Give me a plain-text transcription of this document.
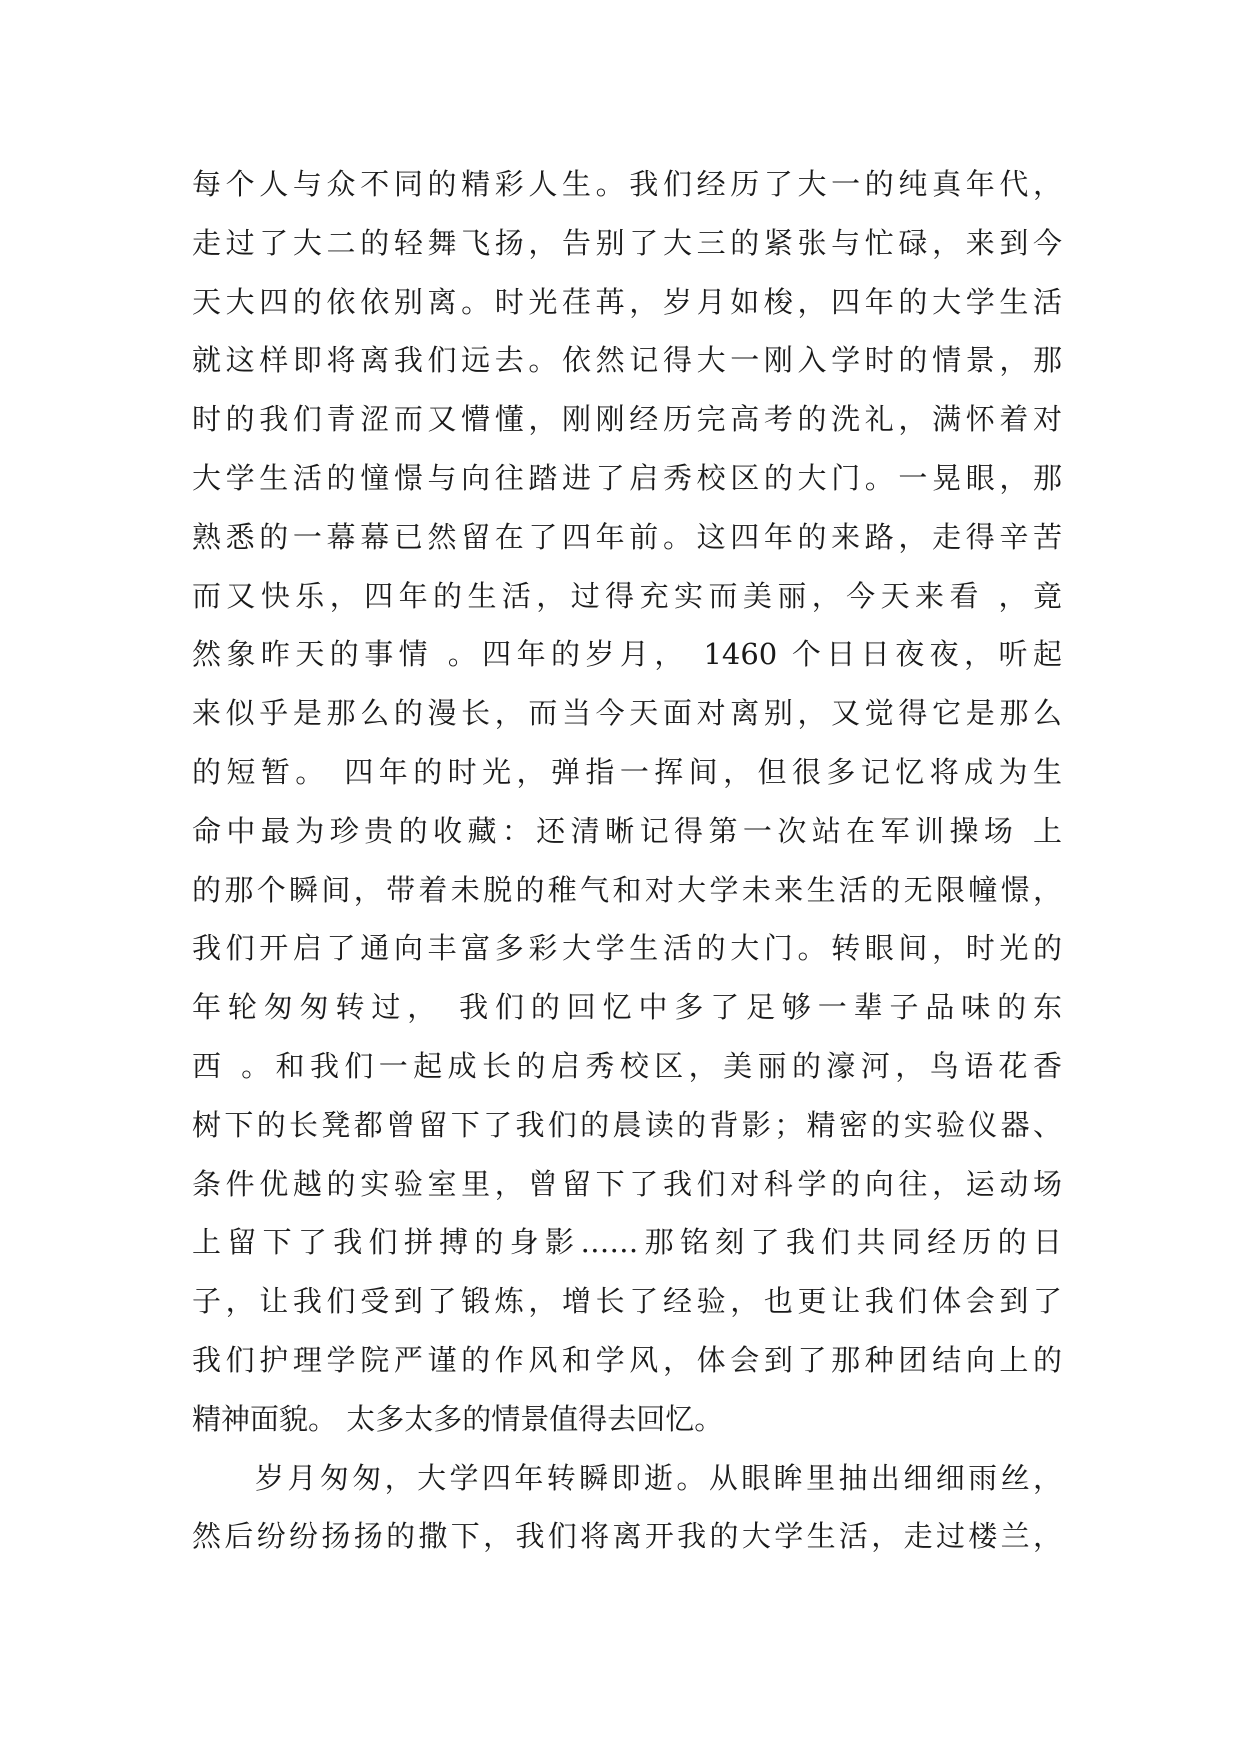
每个人与众不同的精彩人生。我们经历了大一的纯真年代，
走过了大二的轻舞飞扬，告别了大三的紧张与忙碌，来到今
天大四的依依别离。时光荏苒，岁月如梭，四年的大学生活
就这样即将离我们远去。依然记得大一刚入学时的情景，那
时的我们青涩而又懵懂，刚刚经历完高考的洗礼，满怀着对
大学生活的憧憬与向往踏进了启秀校区的大门。一晃眼，那
熟悉的一幕幕已然留在了四年前。这四年的来路，走得辛苦
而又快乐，四年的生活，过得充实而美丽，今天来看 ，竟
然象昨天的事情 。四年的岁月， 1460 个日日夜夜，听起
来似乎是那么的漫长，而当今天面对离别，又觉得它是那么
的短暂。 四年的时光，弹指一挥间，但很多记忆将成为生
命中最为珍贵的收藏：还清晰记得第一次站在军训操场 上
的那个瞬间，带着未脱的稚气和对大学未来生活的无限幢憬，
我们开启了通向丰富多彩大学生活的大门。转眼间，时光的
年轮匆匆转过， 我们的回忆中多了足够一辈子品味的东
西 。和我们一起成长的启秀校区，美丽的濠河，鸟语花香
树下的长凳都曾留下了我们的晨读的背影；精密的实验仪器、
条件优越的实验室里，曾留下了我们对科学的向往，运动场
上留下了我们拼搏的身影……那铭刻了我们共同经历的日
子，让我们受到了锻炼，增长了经验，也更让我们体会到了
我们护理学院严谨的作风和学风，体会到了那种团结向上的
精神面貌。 太多太多的情景值得去回忆。
岁月匆匆，大学四年转瞬即逝。从眼眸里抽出细细雨丝，
然后纷纷扬扬的撒下，我们将离开我的大学生活，走过楼兰，
